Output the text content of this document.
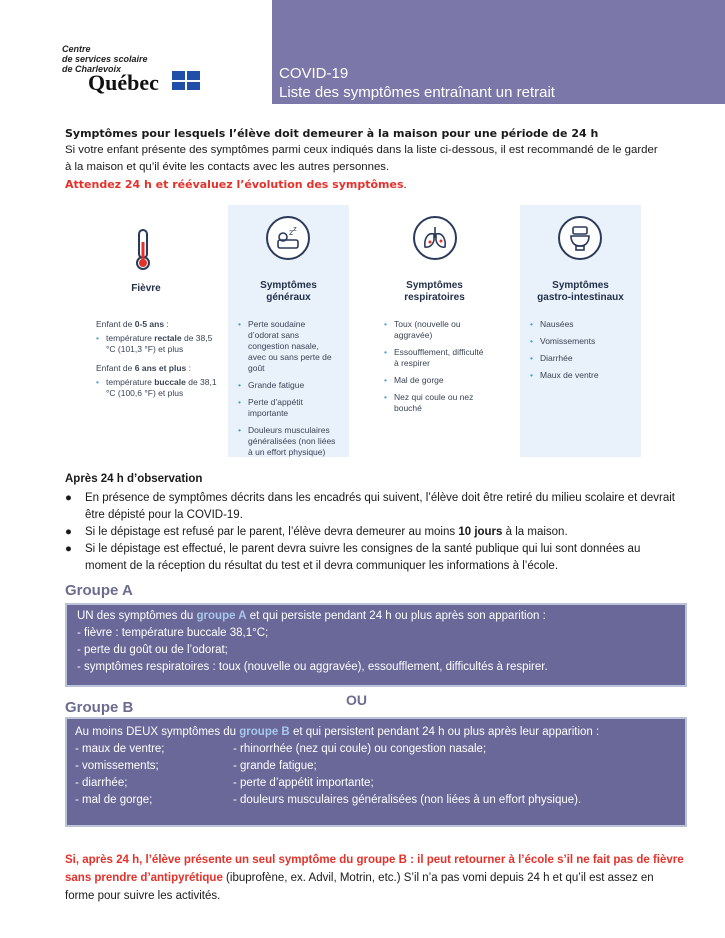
COVID-19
Liste des symptômes entraînant un retrait
Centre
de services scolaire
de Charlevoix
Québec
Symptômes pour lesquels l’élève doit demeurer à la maison pour une période de 24 h
Si votre enfant présente des symptômes parmi ceux indiqués dans la liste ci-dessous, il est recommandé de le garder à la maison et qu’il évite les contacts avec les autres personnes.
Attendez 24 h et réévaluez l’évolution des symptômes.
Fièvre
Enfant de 0-5 ans :
• température rectale de 38,5 °C (101,3 °F) et plus
Enfant de 6 ans et plus :
• température buccale de 38,1 °C (100,6 °F) et plus
z z
Symptômes
généraux
• Perte soudaine d’odorat sans congestion nasale, avec ou sans perte de goût
• Grande fatigue
• Perte d’appétit importante
• Douleurs musculaires généralisées (non liées à un effort physique)
Symptômes
respiratoires
• Toux (nouvelle ou aggravée)
• Essoufflement, difficulté à respirer
• Mal de gorge
• Nez qui coule ou nez bouché
Symptômes
gastro-intestinaux
• Nausées
• Vomissements
• Diarrhée
• Maux de ventre
Après 24 h d’observation
● En présence de symptômes décrits dans les encadrés qui suivent, l’élève doit être retiré du milieu scolaire et devrait être dépisté pour la COVID-19.
● Si le dépistage est refusé par le parent, l’élève devra demeurer au moins 10 jours à la maison.
● Si le dépistage est effectué, le parent devra suivre les consignes de la santé publique qui lui sont données au moment de la réception du résultat du test et il devra communiquer les informations à l’école.
Groupe A
UN des symptômes du groupe A et qui persiste pendant 24 h ou plus après son apparition :
- fièvre : température buccale 38,1°C;
- perte du goût ou de l’odorat;
- symptômes respiratoires : toux (nouvelle ou aggravée), essoufflement, difficultés à respirer.
OU
Groupe B
Au moins DEUX symptômes du groupe B et qui persistent pendant 24 h ou plus après leur apparition :
- maux de ventre;
- vomissements;
- diarrhée;
- mal de gorge;
- rhinorrhée (nez qui coule) ou congestion nasale;
- grande fatigue;
- perte d’appétit importante;
- douleurs musculaires généralisées (non liées à un effort physique).
Si, après 24 h, l’élève présente un seul symptôme du groupe B : il peut retourner à l’école s’il ne fait pas de fièvre sans prendre d’antipyrétique (ibuprofène, ex. Advil, Motrin, etc.) S’il n’a pas vomi depuis 24 h et qu’il est assez en forme pour suivre les activités.
